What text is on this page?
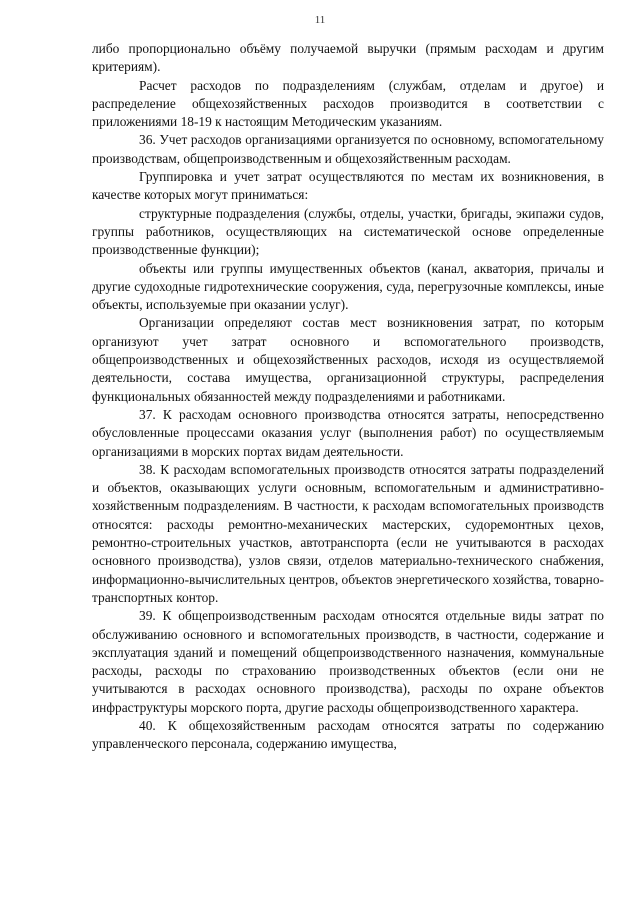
11

либо пропорционально объёму получаемой выручки (прямым расходам и другим критериям).

Расчет расходов по подразделениям (службам, отделам и другое) и распределение общехозяйственных расходов производится в соответствии с приложениями 18-19 к настоящим Методическим указаниям.

36. Учет расходов организациями организуется по основному, вспомогательному производствам, общепроизводственным и общехозяйственным расходам.

Группировка и учет затрат осуществляются по местам их возникновения, в качестве которых могут приниматься:

структурные подразделения (службы, отделы, участки, бригады, экипажи судов, группы работников, осуществляющих на систематической основе определенные производственные функции);

объекты или группы имущественных объектов (канал, акватория, причалы и другие судоходные гидротехнические сооружения, суда, перегрузочные комплексы, иные объекты, используемые при оказании услуг).

Организации определяют состав мест возникновения затрат, по которым организуют учет затрат основного и вспомогательного производств, общепроизводственных и общехозяйственных расходов, исходя из осуществляемой деятельности, состава имущества, организационной структуры, распределения функциональных обязанностей между подразделениями и работниками.

37. К расходам основного производства относятся затраты, непосредственно обусловленные процессами оказания услуг (выполнения работ) по осуществляемым организациями в морских портах видам деятельности.

38. К расходам вспомогательных производств относятся затраты подразделений и объектов, оказывающих услуги основным, вспомогательным и административно-хозяйственным подразделениям. В частности, к расходам вспомогательных производств относятся: расходы ремонтно-механических мастерских, судоремонтных цехов, ремонтно-строительных участков, автотранспорта (если не учитываются в расходах основного производства), узлов связи, отделов материально-технического снабжения, информационно-вычислительных центров, объектов энергетического хозяйства, товарно-транспортных контор.

39. К общепроизводственным расходам относятся отдельные виды затрат по обслуживанию основного и вспомогательных производств, в частности, содержание и эксплуатация зданий и помещений общепроизводственного назначения, коммунальные расходы, расходы по страхованию производственных объектов (если они не учитываются в расходах основного производства), расходы по охране объектов инфраструктуры морского порта, другие расходы общепроизводственного характера.

40. К общехозяйственным расходам относятся затраты по содержанию управленческого персонала, содержанию имущества,
